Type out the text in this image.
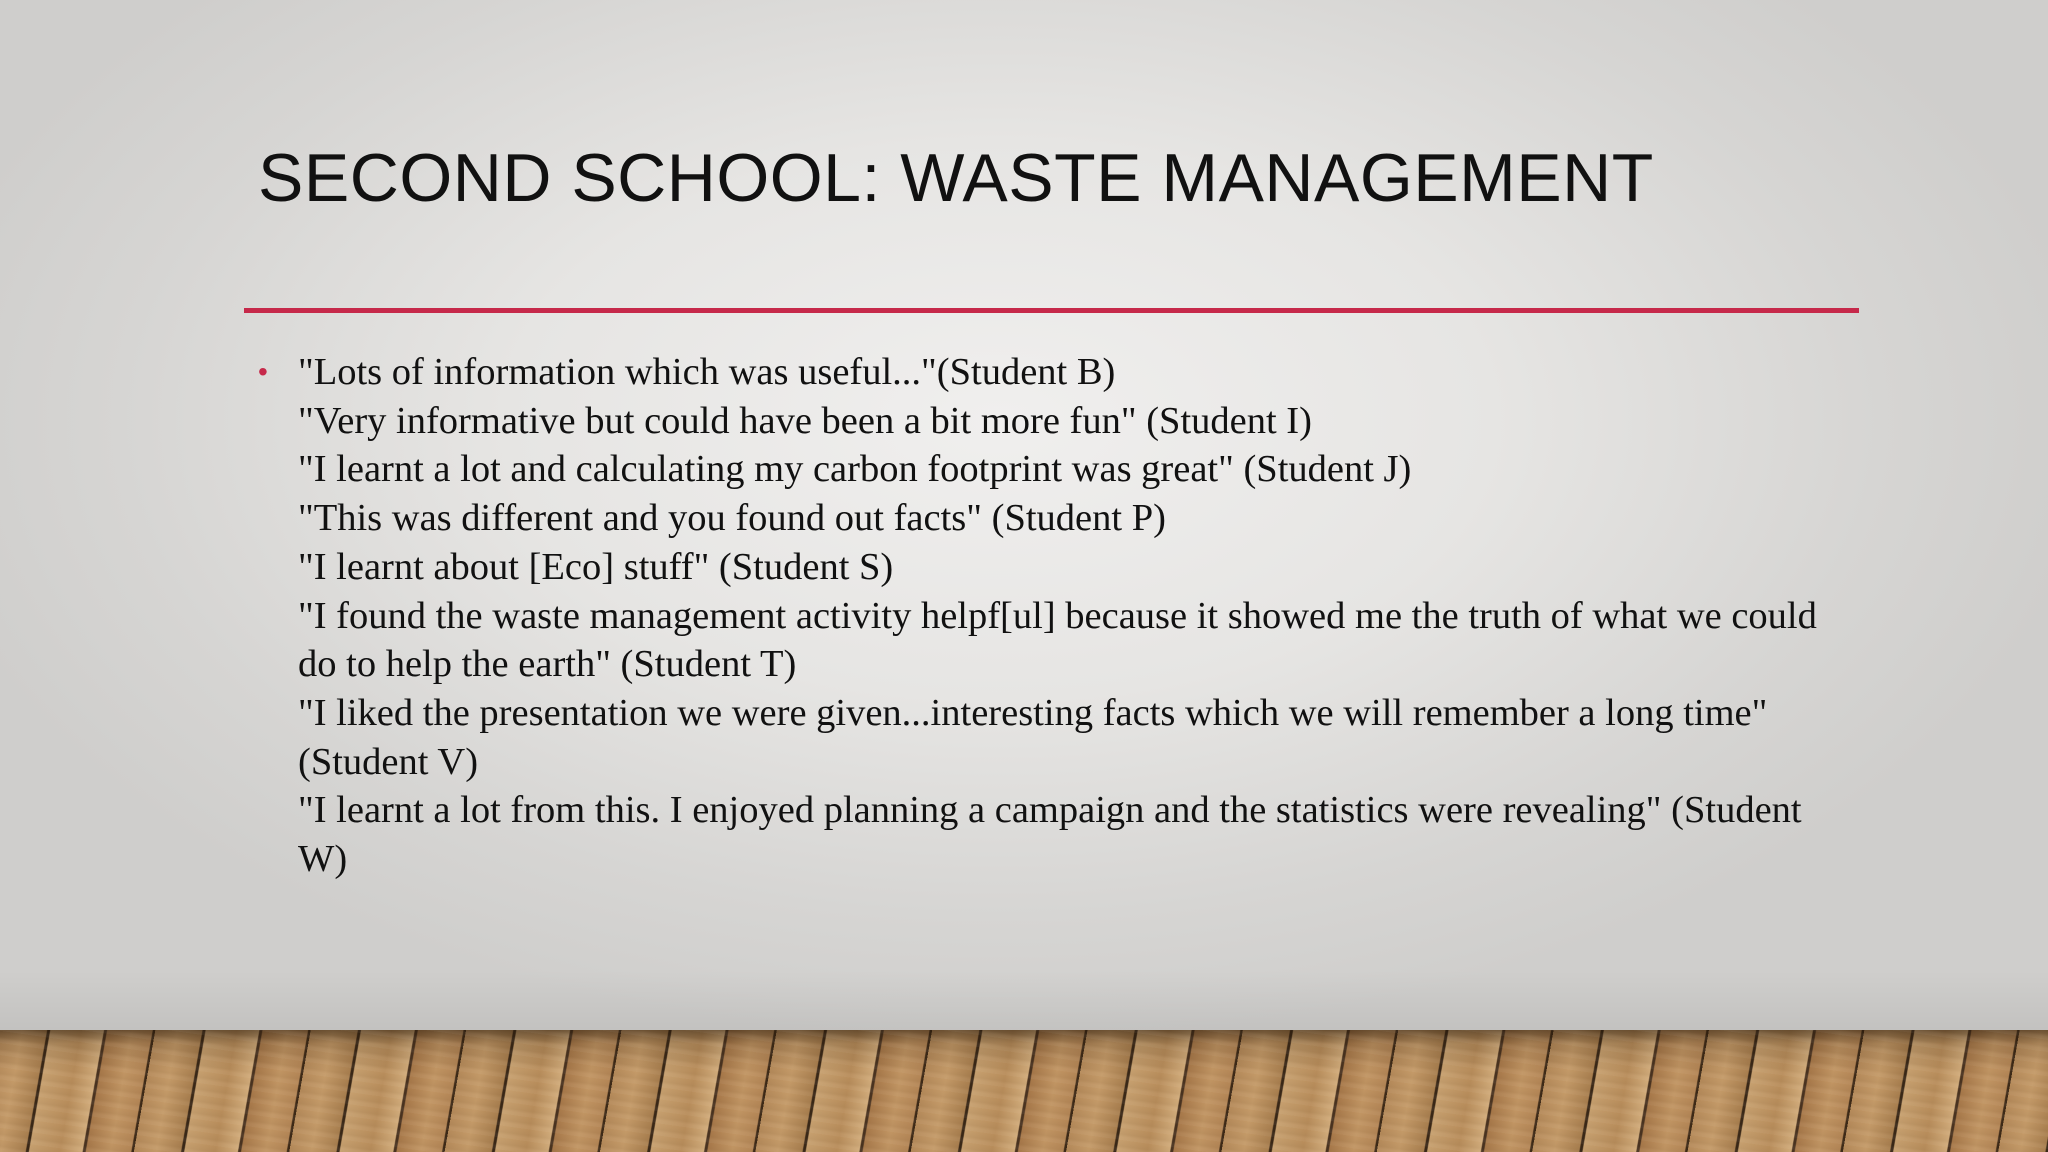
SECOND SCHOOL: WASTE MANAGEMENT
• "Lots of information which was useful..."(Student B)

"Very informative but could have been a bit more fun" (Student I)

"I learnt a lot and calculating my carbon footprint was great" (Student J)

"This was different and you found out facts" (Student P)

"I learnt about [Eco] stuff" (Student S)

"I found the waste management activity helpf[ul] because it showed me the truth of what we could do to help the earth" (Student T)

"I liked the presentation we were given...interesting facts which we will remember a long time" (Student V)

"I learnt a lot from this. I enjoyed planning a campaign and the statistics were revealing" (Student W)
